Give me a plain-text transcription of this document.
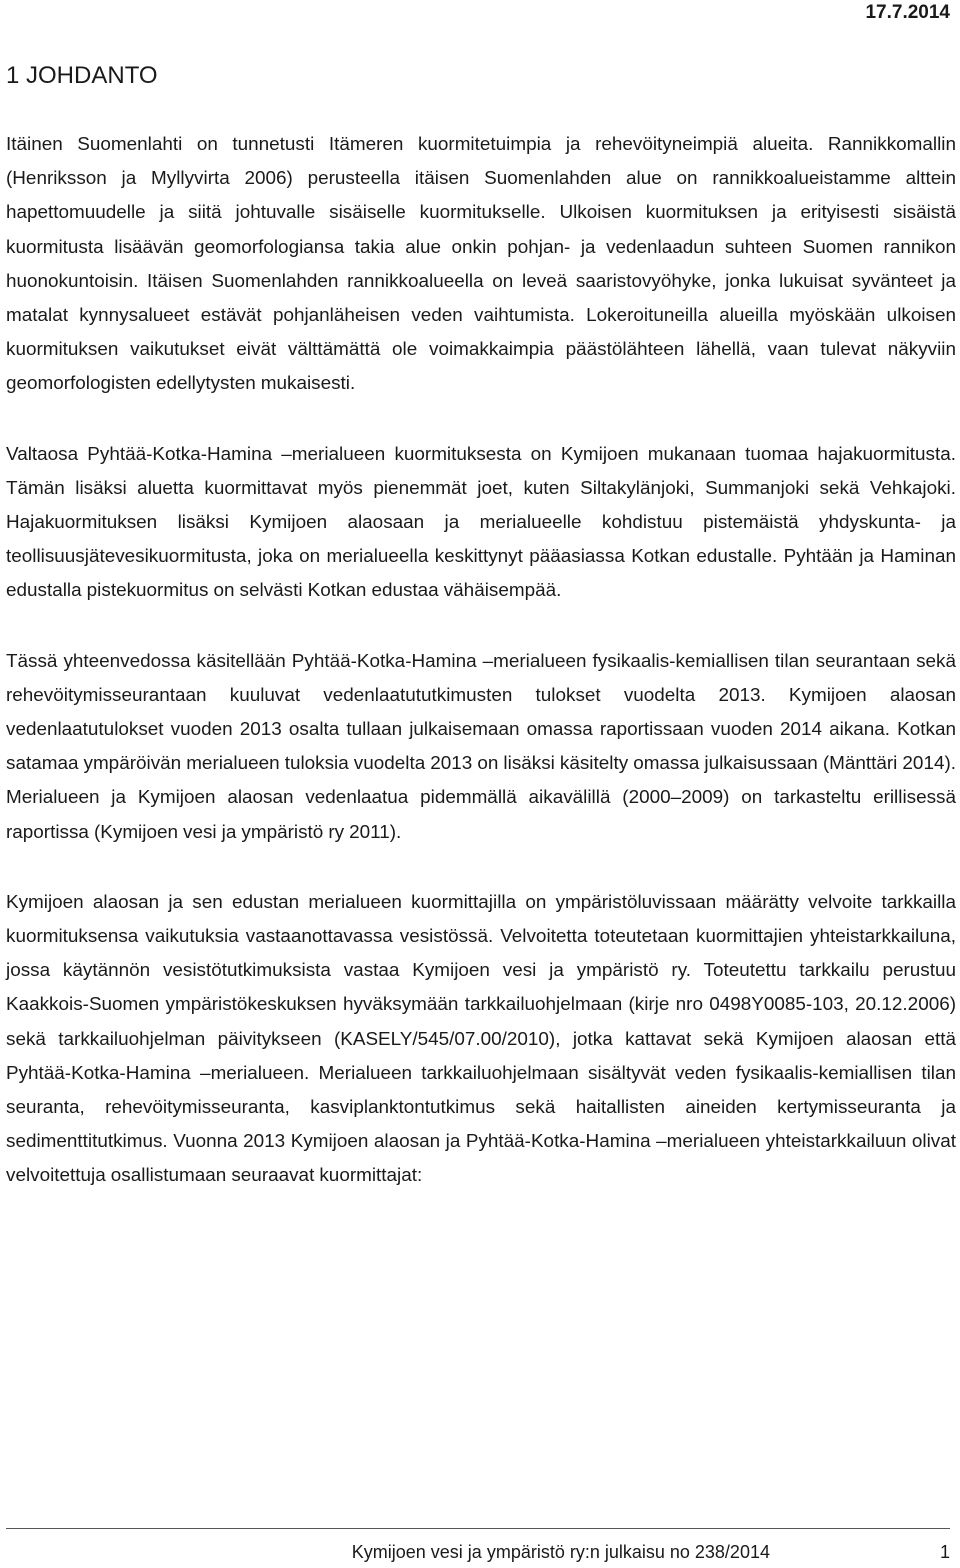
17.7.2014
1 JOHDANTO

Itäinen Suomenlahti on tunnetusti Itämeren kuormitetuimpia ja rehevöityneimpiä alueita. Rannikkomallin (Henriksson ja Myllyvirta 2006) perusteella itäisen Suomenlahden alue on rannikkoalueistamme alttein hapettomuudelle ja siitä johtuvalle sisäiselle kuormitukselle. Ulkoisen kuormituksen ja erityisesti sisäistä kuormitusta lisäävän geomorfologiansa takia alue onkin pohjan- ja vedenlaadun suhteen Suomen rannikon huonokuntoisin. Itäisen Suomenlahden rannikkoalueella on leveä saaristovyöhyke, jonka lukuisat syvänteet ja matalat kynnysalueet estävät pohjanläheisen veden vaihtumista. Lokeroituneilla alueilla myöskään ulkoisen kuormituksen vaikutukset eivät välttämättä ole voimakkaimpia päästölähteen lähellä, vaan tulevat näkyviin geomorfologisten edellytysten mukaisesti.

Valtaosa Pyhtää-Kotka-Hamina –merialueen kuormituksesta on Kymijoen mukanaan tuomaa hajakuormitusta. Tämän lisäksi aluetta kuormittavat myös pienemmät joet, kuten Siltakylänjoki, Summanjoki sekä Vehkajoki. Hajakuormituksen lisäksi Kymijoen alaosaan ja merialueelle kohdistuu pistemäistä yhdyskunta- ja teollisuusjätevesikuormitusta, joka on merialueella keskittynyt pääasiassa Kotkan edustalle. Pyhtään ja Haminan edustalla pistekuormitus on selvästi Kotkan edustaa vähäisempää.

Tässä yhteenvedossa käsitellään Pyhtää-Kotka-Hamina –merialueen fysikaalis-kemiallisen tilan seurantaan sekä rehevöitymisseurantaan kuuluvat vedenlaatututkimusten tulokset vuodelta 2013. Kymijoen alaosan vedenlaatutulokset vuoden 2013 osalta tullaan julkaisemaan omassa raportissaan vuoden 2014 aikana. Kotkan satamaa ympäröivän merialueen tuloksia vuodelta 2013 on lisäksi käsitelty omassa julkaisussaan (Mänttäri 2014). Merialueen ja Kymijoen alaosan vedenlaatua pidemmällä aikavälillä (2000–2009) on tarkasteltu erillisessä raportissa (Kymijoen vesi ja ympäristö ry 2011).

Kymijoen alaosan ja sen edustan merialueen kuormittajilla on ympäristöluvissaan määrätty velvoite tarkkailla kuormituksensa vaikutuksia vastaanottavassa vesistössä. Velvoitetta toteutetaan kuormittajien yhteistarkkailuna, jossa käytännön vesistötutkimuksista vastaa Kymijoen vesi ja ympäristö ry. Toteutettu tarkkailu perustuu Kaakkois-Suomen ympäristökeskuksen hyväksymään tarkkailuohjelmaan (kirje nro 0498Y0085-103, 20.12.2006) sekä tarkkailuohjelman päivitykseen (KASELY/545/07.00/2010), jotka kattavat sekä Kymijoen alaosan että Pyhtää-Kotka-Hamina –merialueen. Merialueen tarkkailuohjelmaan sisältyvät veden fysikaalis-kemiallisen tilan seuranta, rehevöitymisseuranta, kasviplanktontutkimus sekä haitallisten aineiden kertymisseuranta ja sedimenttitutkimus. Vuonna 2013 Kymijoen alaosan ja Pyhtää-Kotka-Hamina –merialueen yhteistarkkailuun olivat velvoitettuja osallistumaan seuraavat kuormittajat:

Kymijoen vesi ja ympäristö ry:n julkaisu no 238/2014	1
